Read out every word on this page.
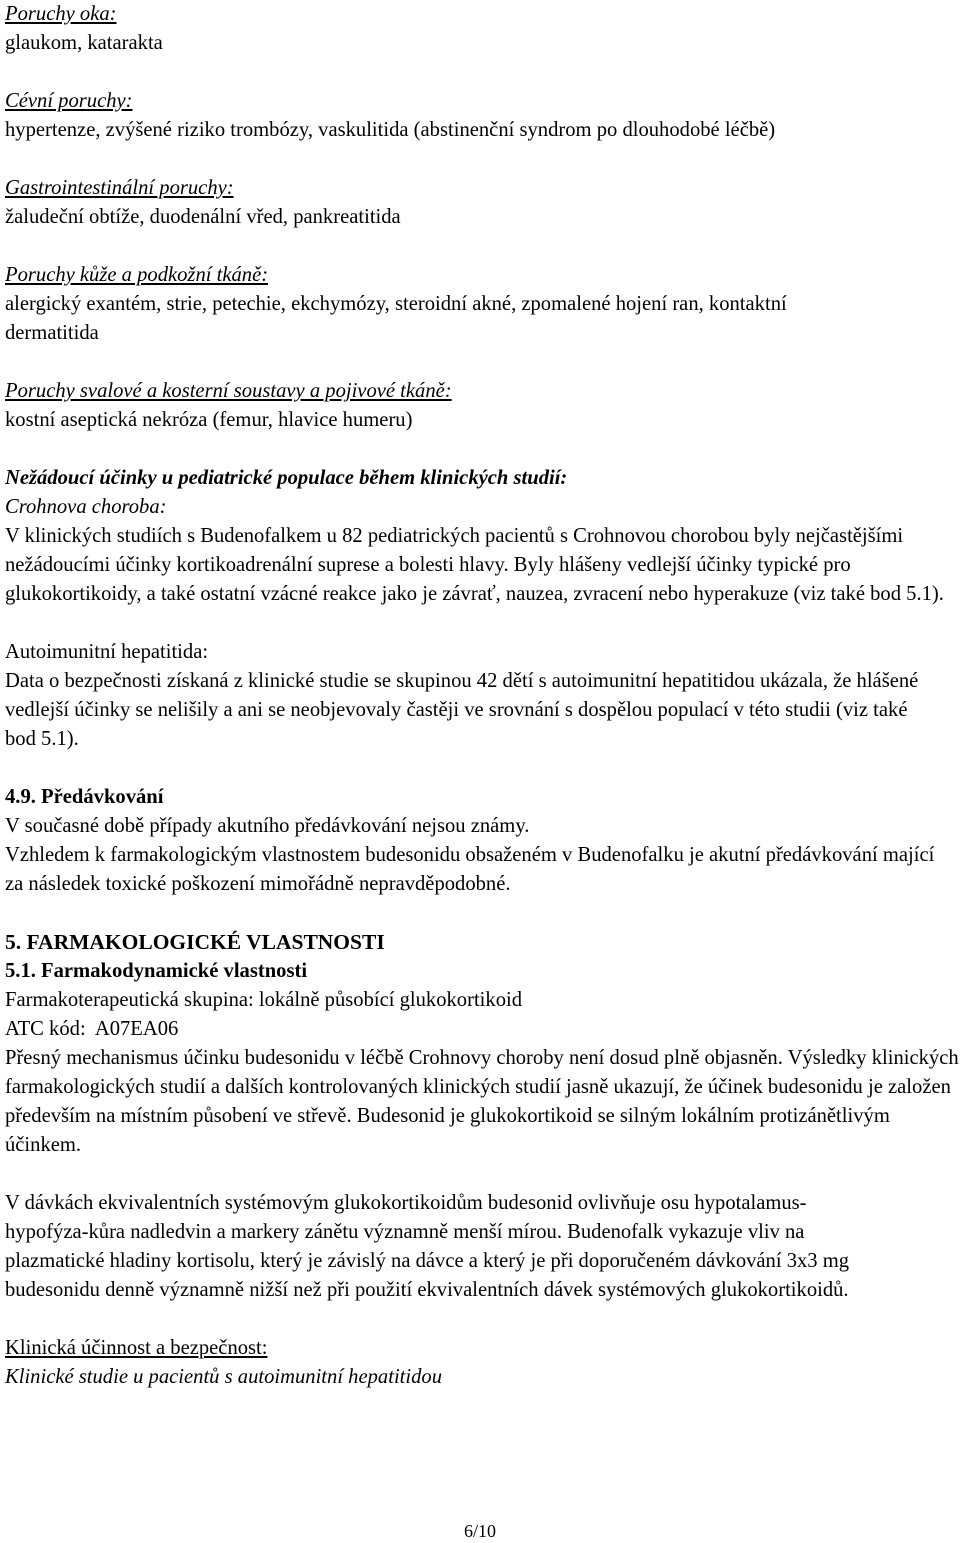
Poruchy oka:
glaukom, katarakta
Cévní poruchy:
hypertenze, zvýšené riziko trombózy, vaskulitida (abstinenční syndrom po dlouhodobé léčbě)
Gastrointestinální poruchy:
žaludeční obtíže, duodenální vřed, pankreatitida
Poruchy kůže a podkožní tkáně:
alergický exantém, strie, petechie, ekchymózy, steroidní akné, zpomalené hojení ran, kontaktní dermatitida
Poruchy svalové a kosterní soustavy a pojivové tkáně:
kostní aseptická nekróza (femur, hlavice humeru)
Nežádoucí účinky u pediatrické populace během klinických studií:
Crohnova choroba:
V klinických studiích s Budenofalkem u 82 pediatrických pacientů s Crohnovou chorobou byly nejčastějšími nežádoucími účinky kortikoadrenální suprese a bolesti hlavy. Byly hlášeny vedlejší účinky typické pro glukokortikoidy, a také ostatní vzácné reakce jako je závrať, nauzea, zvracení nebo hyperakuze (viz také bod 5.1).
Autoimunitní hepatitida:
Data o bezpečnosti získaná z klinické studie se skupinou 42 dětí s autoimunitní hepatitidou ukázala, že hlášené vedlejší účinky se nelišily a ani se neobjevovaly častěji ve srovnání s dospělou populací v této studii (viz také bod 5.1).
4.9. Předávkování
V současné době případy akutního předávkování nejsou známy.
Vzhledem k farmakologickým vlastnostem budesonidu obsaženém v Budenofalku je akutní předávkování mající za následek toxické poškození mimořádně nepravděpodobné.
5. FARMAKOLOGICKÉ VLASTNOSTI
5.1. Farmakodynamické vlastnosti
Farmakoterapeutická skupina: lokálně působící glukokortikoid
ATC kód:  A07EA06
Přesný mechanismus účinku budesonidu v léčbě Crohnovy choroby není dosud plně objasněn. Výsledky klinických farmakologických studií a dalších kontrolovaných klinických studií jasně ukazují, že účinek budesonidu je založen především na místním působení ve střevě. Budesonid je glukokortikoid se silným lokálním protizánětlivým účinkem.
V dávkách ekvivalentních systémovým glukokortikoidům budesonid ovlivňuje osu hypotalamus-hypofýza-kůra nadledvin a markery zánětu významně menší mírou. Budenofalk vykazuje vliv na plazmatické hladiny kortisolu, který je závislý na dávce a který je při doporučeném dávkování 3x3 mg budesonidu denně významně nižší než při použití ekvivalentních dávek systémových glukokortikoidů.
Klinická účinnost a bezpečnost:
Klinické studie u pacientů s autoimunitní hepatitidou
6/10
